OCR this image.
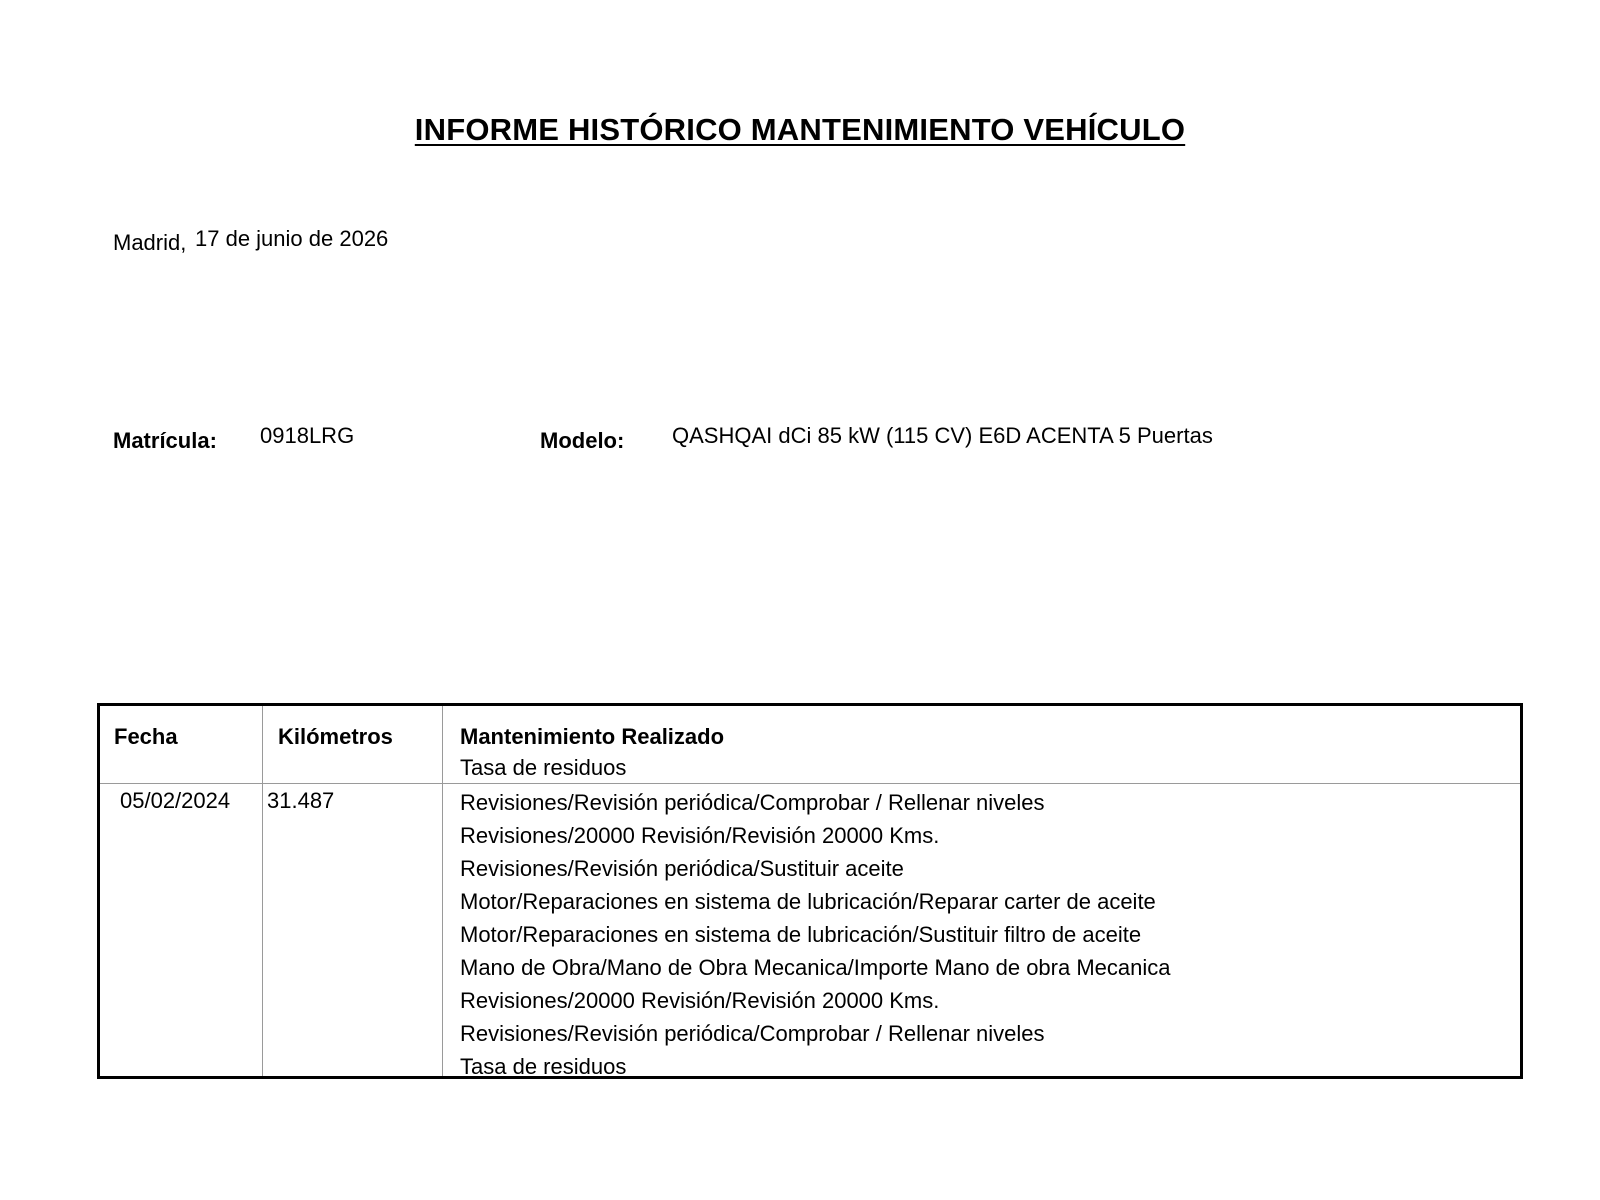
INFORME HISTÓRICO MANTENIMIENTO VEHÍCULO
Madrid, 17 de junio de 2026
Matrícula: 0918LRG	Modelo: QASHQAI dCi 85 kW (115 CV) E6D ACENTA 5 Puertas
Fecha	Kilómetros	Mantenimiento Realizado
Tasa de residuos
05/02/2024 31.487	Revisiones/Revisión periódica/Comprobar / Rellenar niveles
Revisiones/20000 Revisión/Revisión 20000 Kms.
Revisiones/Revisión periódica/Sustituir aceite
Motor/Reparaciones en sistema de lubricación/Reparar carter de aceite
Motor/Reparaciones en sistema de lubricación/Sustituir filtro de aceite
Mano de Obra/Mano de Obra Mecanica/Importe Mano de obra Mecanica
Revisiones/20000 Revisión/Revisión 20000 Kms.
Revisiones/Revisión periódica/Comprobar / Rellenar niveles
Tasa de residuos
